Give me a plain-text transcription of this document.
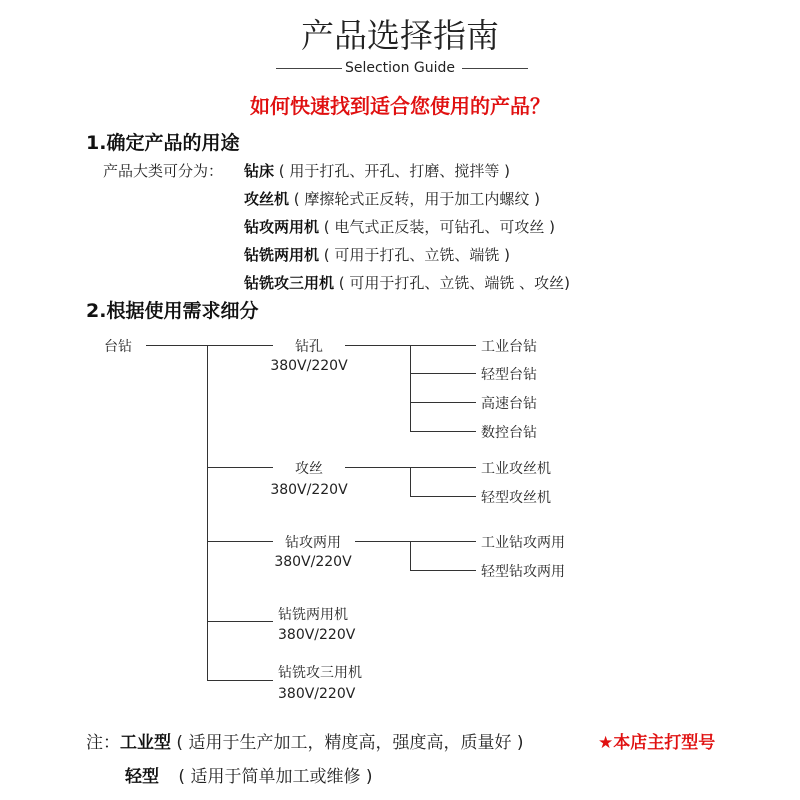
产品选择指南
Selection Guide
如何快速找到适合您使用的产品？
1.确定产品的用途
产品大类可分为： 钻床 ( 用于打孔、开孔、打磨、搅拌等 )
攻丝机 ( 摩擦轮式正反转，用于加工内螺纹 )
钻攻两用机 ( 电气式正反装，可钻孔、可攻丝 )
钻铣两用机 ( 可用于打孔、立铣、端铣 )
钻铣攻三用机 ( 可用于打孔、立铣、端铣 、攻丝)
2.根据使用需求细分
台钻	钻孔
380V/220V
工业台钻
轻型台钻
高速台钻
数控台钻
攻丝
380V/220V
工业攻丝机
轻型攻丝机
钻攻两用
380V/220V
工业钻攻两用
轻型钻攻两用
钻铣两用机
380V/220V
钻铣攻三用机
380V/220V
注：工业型 ( 适用于生产加工，精度高，强度高，质量好 )	★本店主打型号
轻型 ( 适用于简单加工或维修 )
